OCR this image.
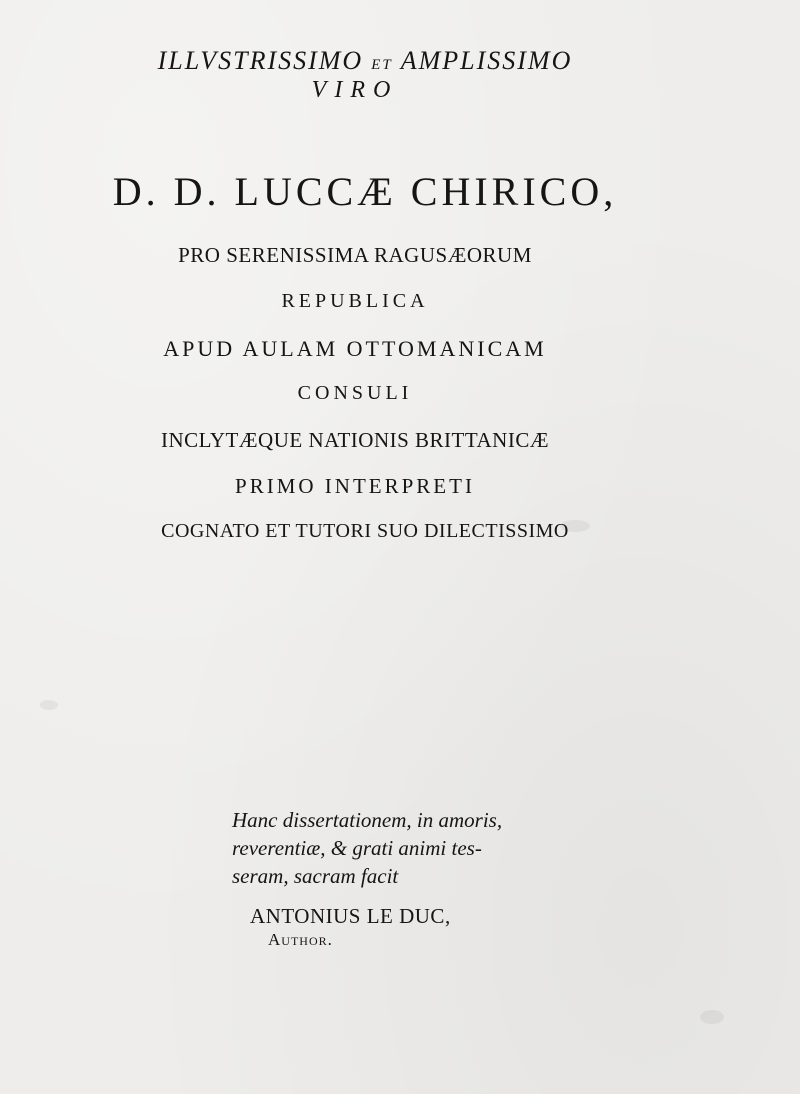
ILLVSTRISSIMO ET AMPLISSIMO

VIRO

D. D. LUCCÆ CHIRICO,

PRO SERENISSIMA RAGUSÆORUM

REPUBLICA

APUD AULAM OTTOMANICAM

CONSULI

INCLYTÆQUE NATIONIS BRITTANICÆ

PRIMO INTERPRETI

COGNATO ET TUTORI SUO DILECTISSIMO

Hanc dissertationem, in amoris,
reverentiæ, & grati animi tes-
seram, sacram facit

ANTONIUS LE DUC,

Author.
